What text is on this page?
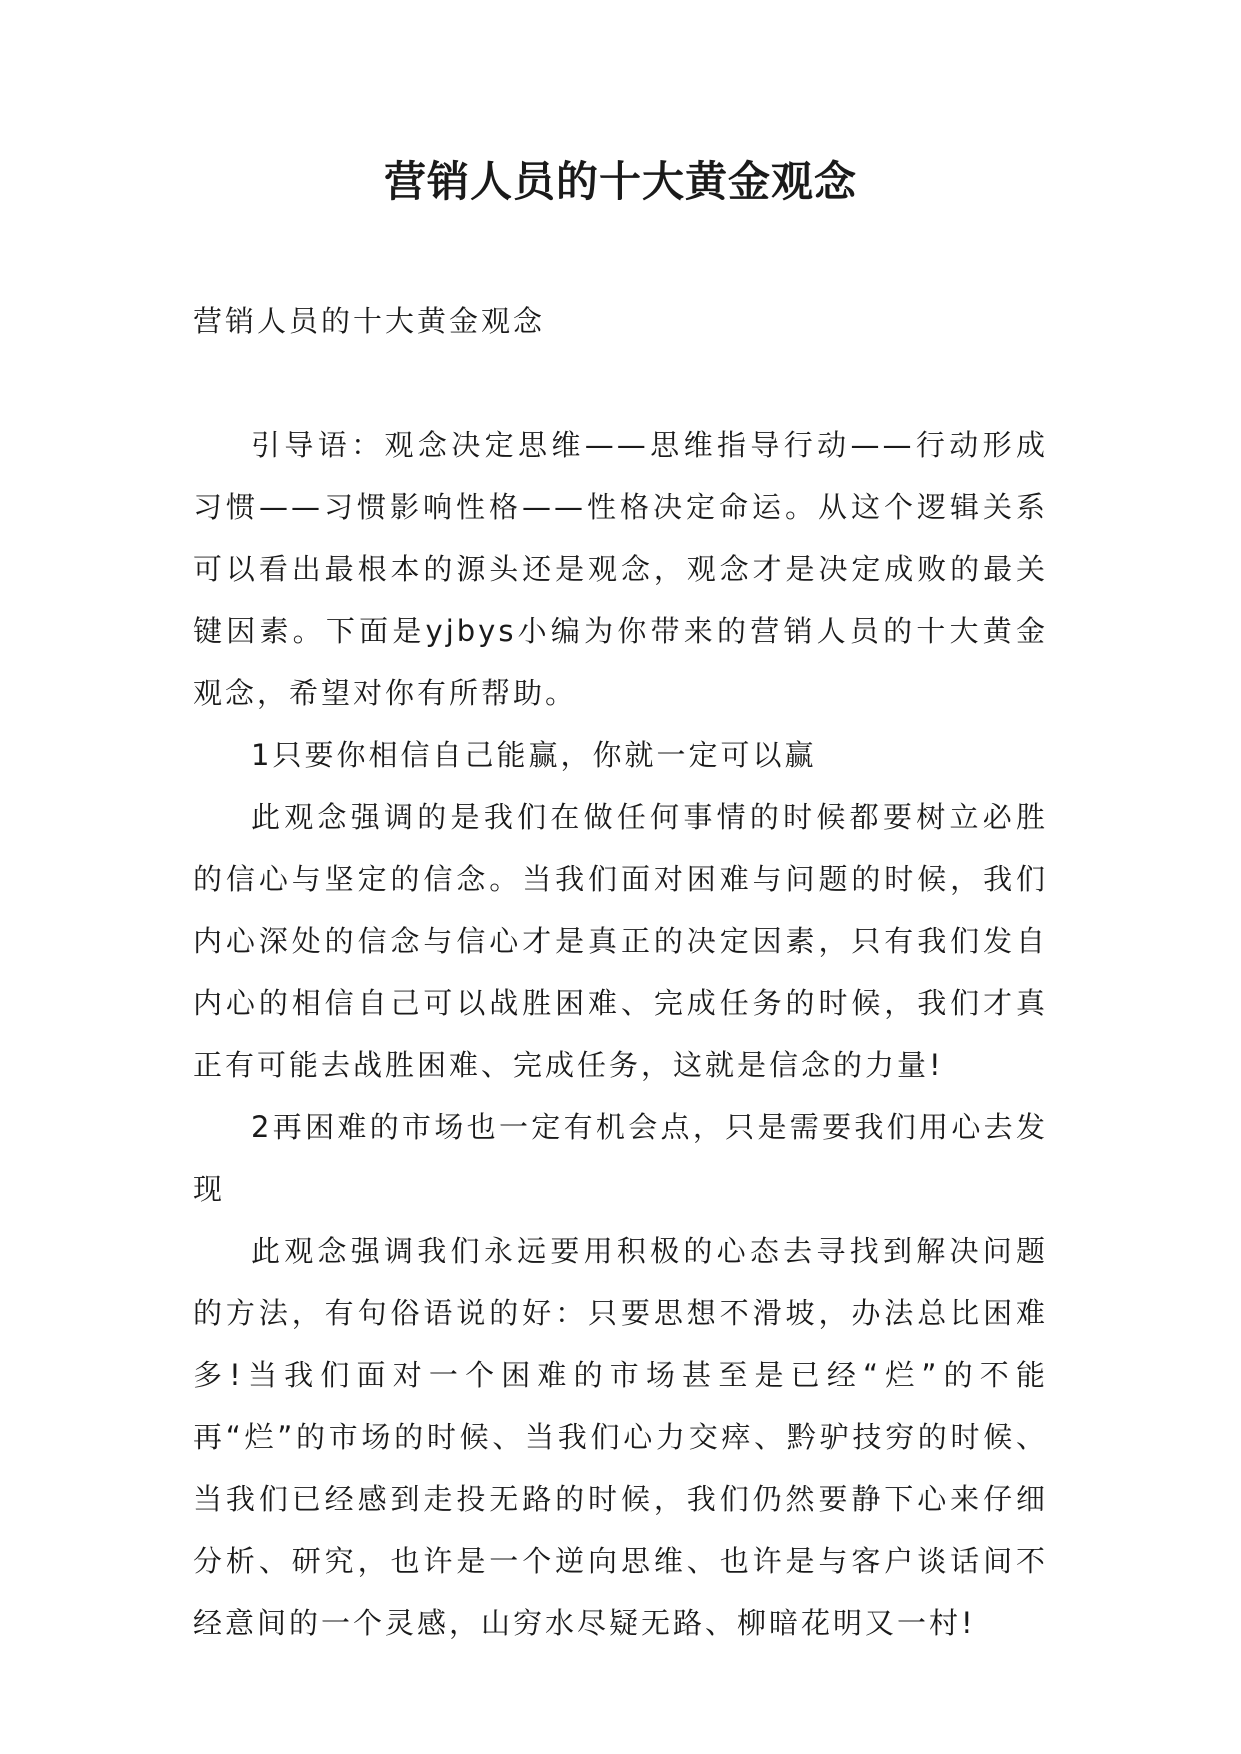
营销人员的十大黄金观念

营销人员的十大黄金观念

引导语：观念决定思维——思维指导行动——行动形成习惯——习惯影响性格——性格决定命运。从这个逻辑关系可以看出最根本的源头还是观念，观念才是决定成败的最关键因素。下面是yjbys小编为你带来的营销人员的十大黄金观念，希望对你有所帮助。

1只要你相信自己能赢，你就一定可以赢

此观念强调的是我们在做任何事情的时候都要树立必胜的信心与坚定的信念。当我们面对困难与问题的时候，我们内心深处的信念与信心才是真正的决定因素，只有我们发自内心的相信自己可以战胜困难、完成任务的时候，我们才真正有可能去战胜困难、完成任务，这就是信念的力量!

2再困难的市场也一定有机会点，只是需要我们用心去发现

此观念强调我们永远要用积极的心态去寻找到解决问题的方法，有句俗语说的好：只要思想不滑坡，办法总比困难多!当我们面对一个困难的市场甚至是已经“烂”的不能再“烂”的市场的时候、当我们心力交瘁、黔驴技穷的时候、当我们已经感到走投无路的时候，我们仍然要静下心来仔细分析、研究，也许是一个逆向思维、也许是与客户谈话间不经意间的一个灵感，山穷水尽疑无路、柳暗花明又一村!
